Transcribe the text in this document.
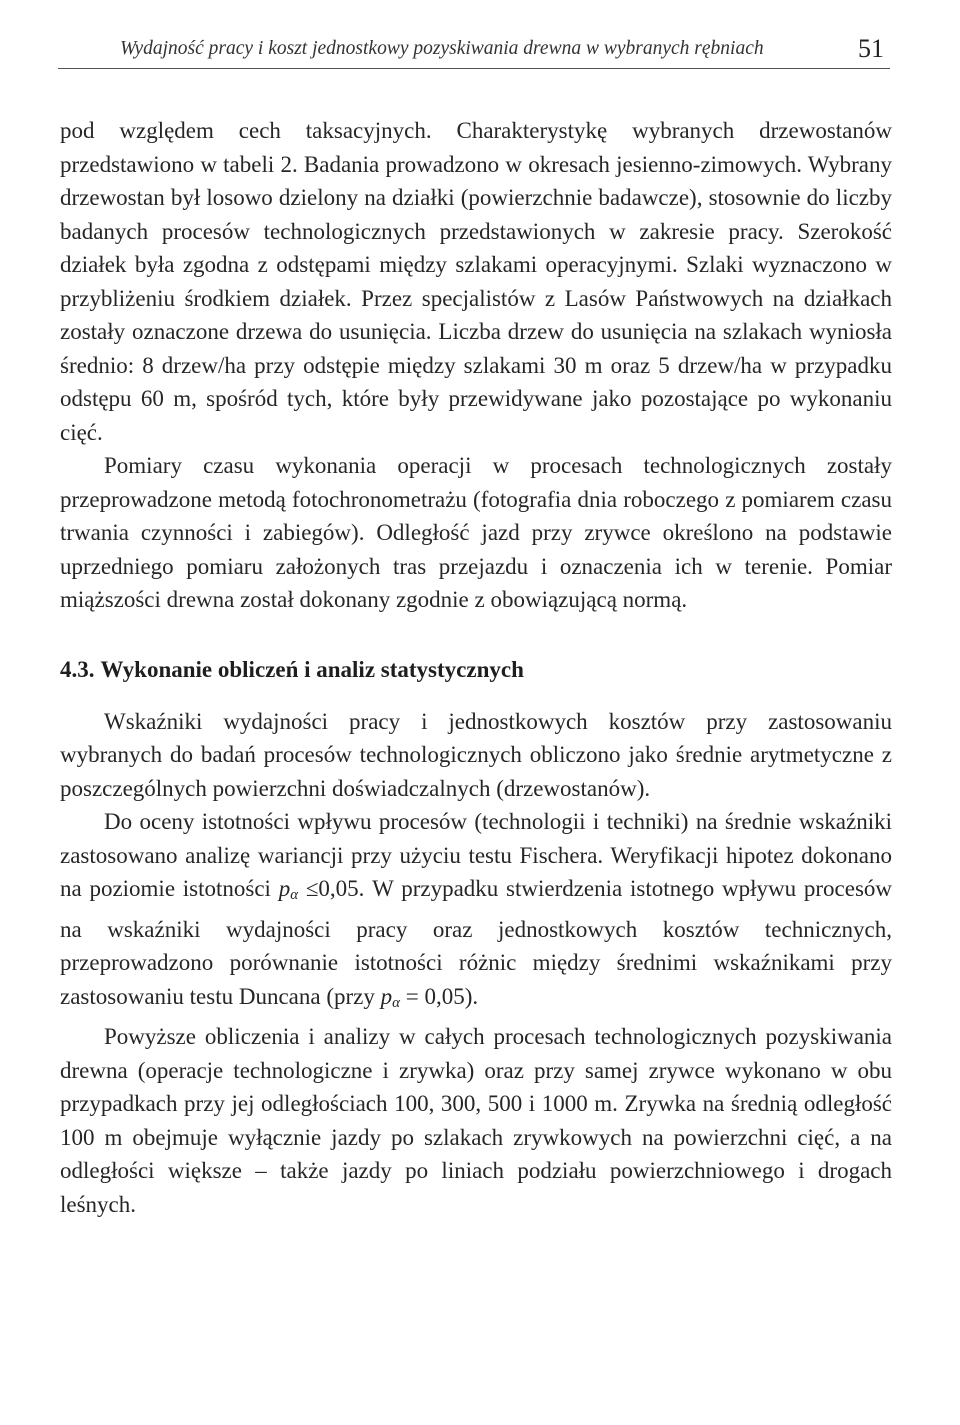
Wydajność pracy i koszt jednostkowy pozyskiwania drewna w wybranych rębniach	51

pod względem cech taksacyjnych. Charakterystykę wybranych drzewostanów przedstawiono w tabeli 2. Badania prowadzono w okresach jesienno-zimowych. Wybrany drzewostan był losowo dzielony na działki (powierzchnie badawcze), stosownie do liczby badanych procesów technologicznych przedstawionych w zakresie pracy. Szerokość działek była zgodna z odstępami między szlakami operacyjnymi. Szlaki wyznaczono w przybliżeniu środkiem działek. Przez specjalistów z Lasów Państwowych na działkach zostały oznaczone drzewa do usunięcia. Liczba drzew do usunięcia na szlakach wyniosła średnio: 8 drzew/ha przy odstępie między szlakami 30 m oraz 5 drzew/ha w przypadku odstępu 60 m, spośród tych, które były przewidywane jako pozostające po wykonaniu cięć.

Pomiary czasu wykonania operacji w procesach technologicznych zostały przeprowadzone metodą fotochronometrażu (fotografia dnia roboczego z pomiarem czasu trwania czynności i zabiegów). Odległość jazd przy zrywce określono na podstawie uprzedniego pomiaru założonych tras przejazdu i oznaczenia ich w terenie. Pomiar miąższości drewna został dokonany zgodnie z obowiązującą normą.

4.3. Wykonanie obliczeń i analiz statystycznych

Wskaźniki wydajności pracy i jednostkowych kosztów przy zastosowaniu wybranych do badań procesów technologicznych obliczono jako średnie arytmetyczne z poszczególnych powierzchni doświadczalnych (drzewostanów).

Do oceny istotności wpływu procesów (technologii i techniki) na średnie wskaźniki zastosowano analizę wariancji przy użyciu testu Fischera. Weryfikacji hipotez dokonano na poziomie istotności $p_\alpha \le 0,05$. W przypadku stwierdzenia istotnego wpływu procesów na wskaźniki wydajności pracy oraz jednostkowych kosztów technicznych, przeprowadzono porównanie istotności różnic między średnimi wskaźnikami przy zastosowaniu testu Duncana (przy $p_\alpha = 0,05$).

Powyższe obliczenia i analizy w całych procesach technologicznych pozyskiwania drewna (operacje technologiczne i zrywka) oraz przy samej zrywce wykonano w obu przypadkach przy jej odległościach 100, 300, 500 i 1000 m. Zrywka na średnią odległość 100 m obejmuje wyłącznie jazdy po szlakach zrywkowych na powierzchni cięć, a na odległości większe – także jazdy po liniach podziału powierzchniowego i drogach leśnych.
